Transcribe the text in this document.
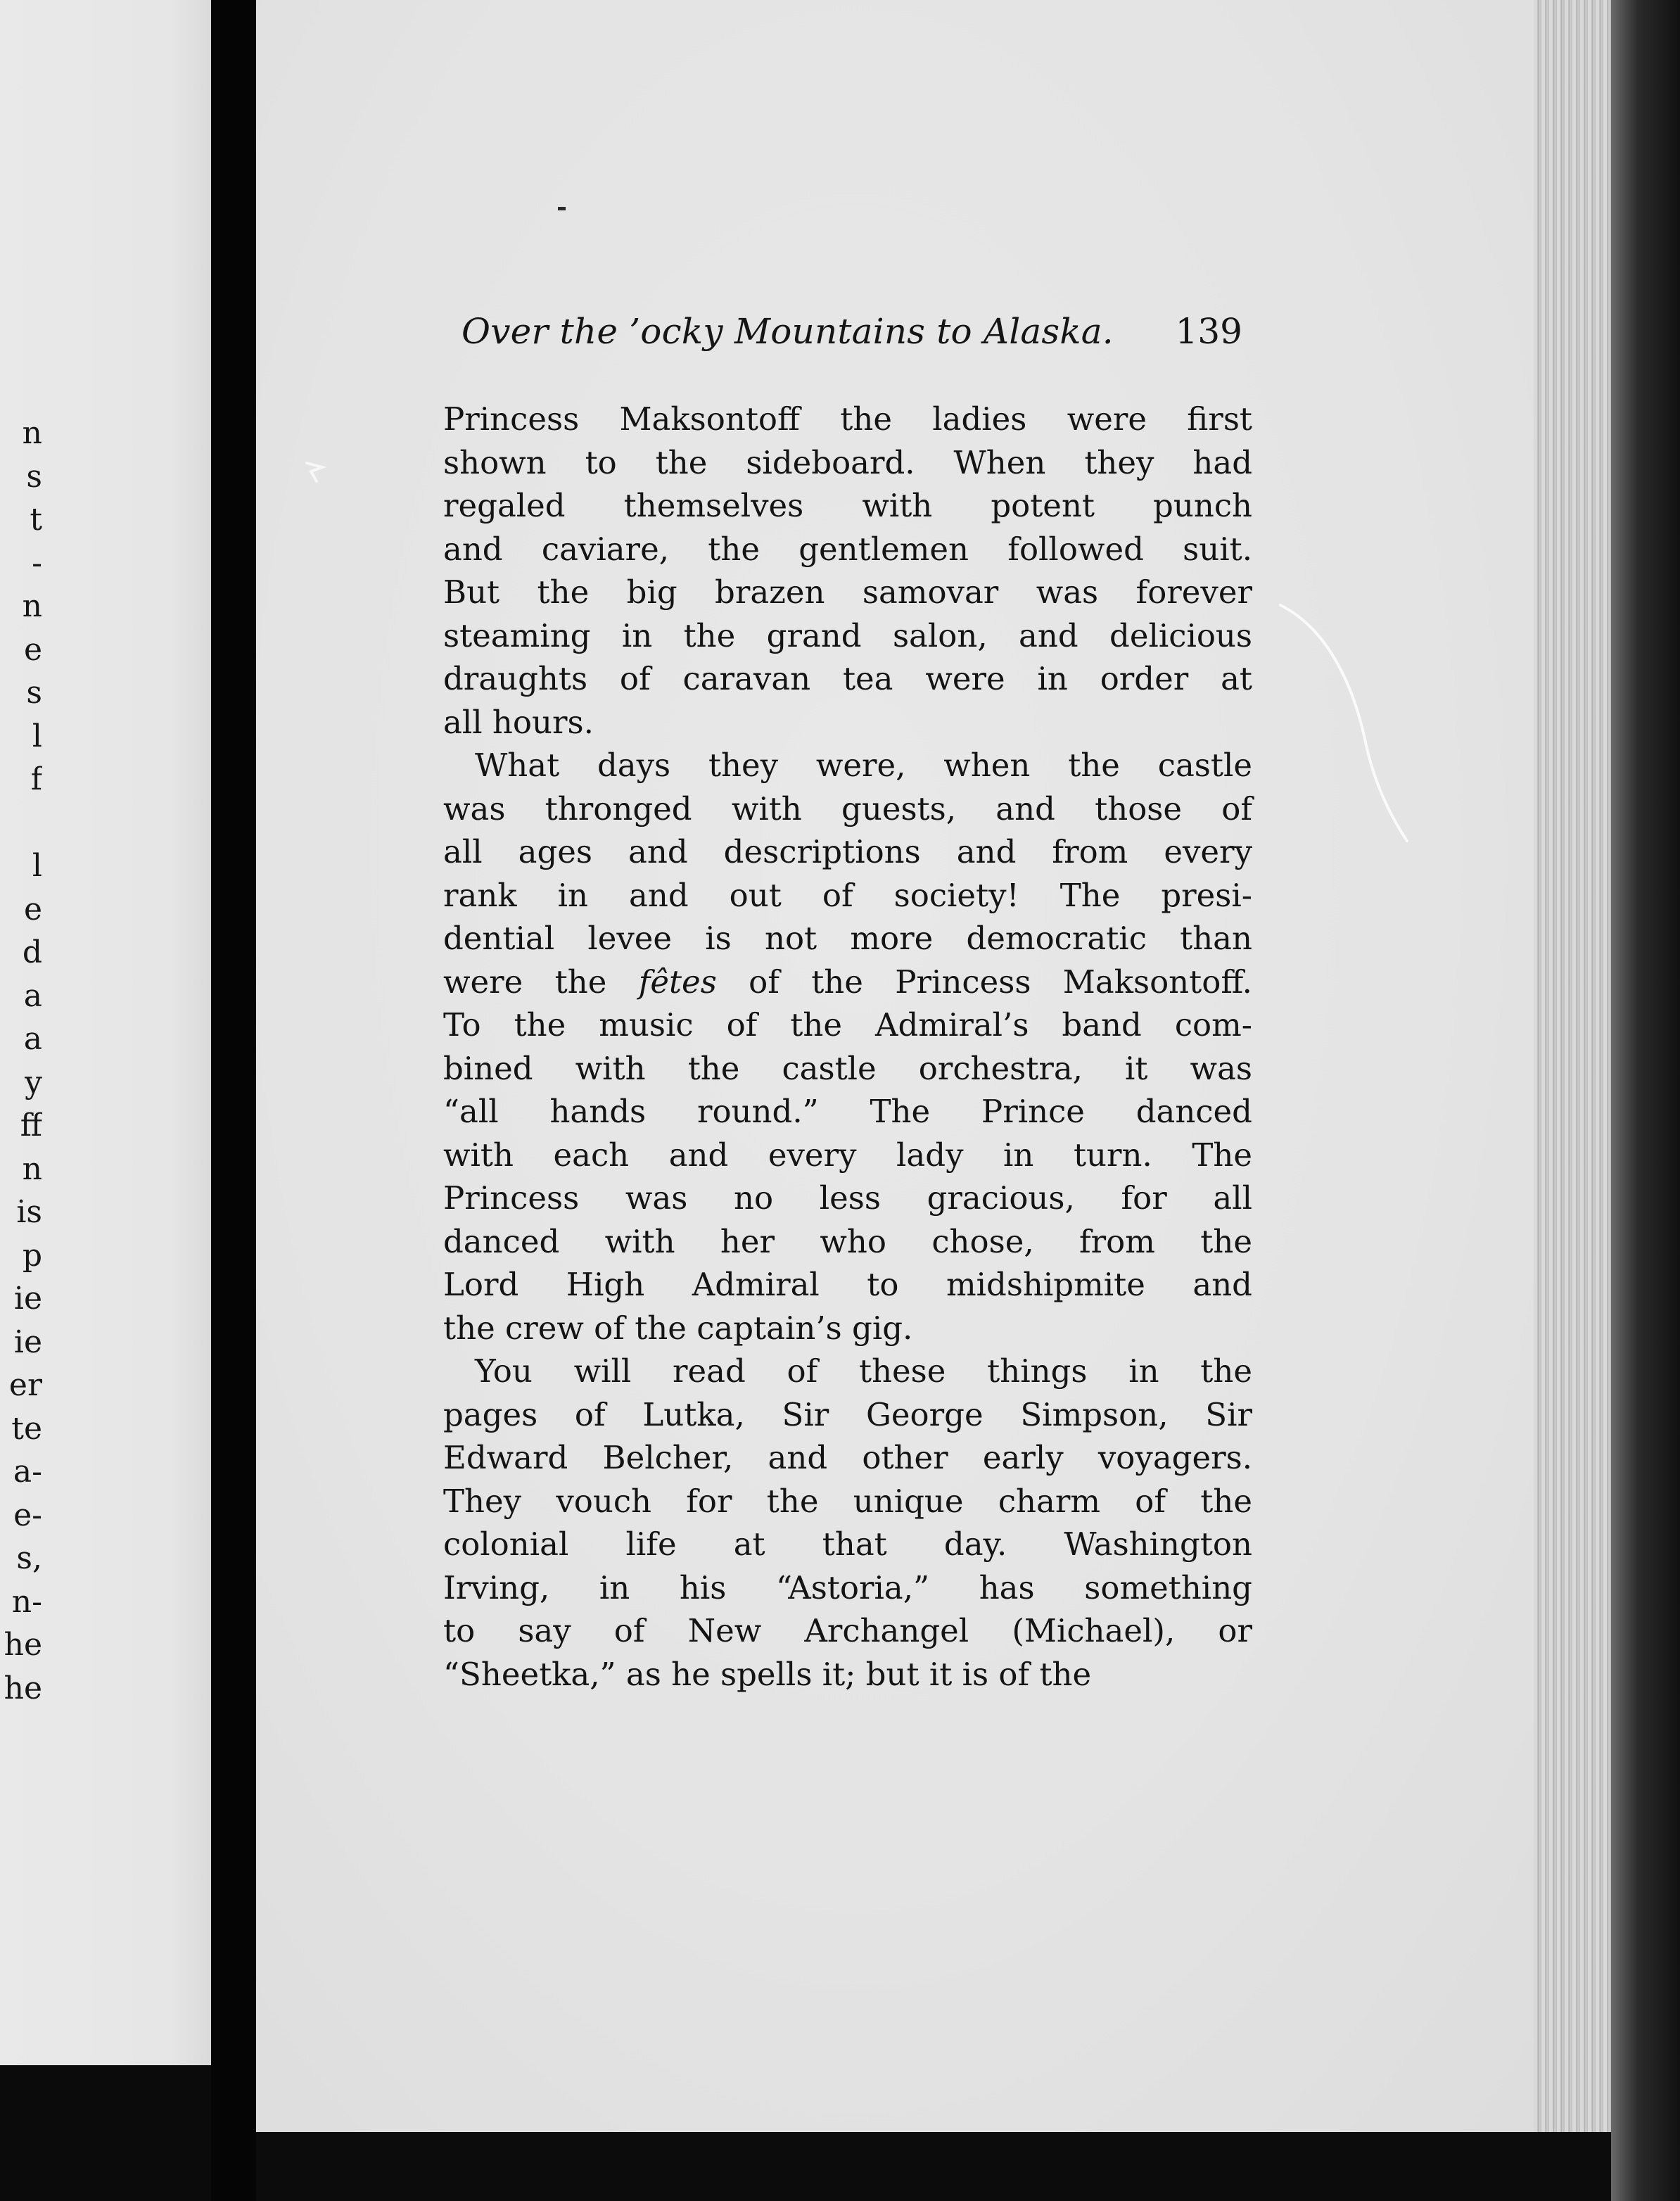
n
s
t
-
n
e
s
l
f
l
e
d
a
a
y
ff
n
is
p
ie
ie
er
te
a-
e-
s,
n-
he
he
Over the ’ocky Mountains to Alaska. 139
Princess Maksontoff the ladies were first
shown to the sideboard. When they had
regaled themselves with potent punch
and caviare, the gentlemen followed suit.
But the big brazen samovar was forever
steaming in the grand salon, and delicious
draughts of caravan tea were in order at
all hours.
 What days they were, when the castle
was thronged with guests, and those of
all ages and descriptions and from every
rank in and out of society! The presi-
dential levee is not more democratic than
were the fêtes of the Princess Maksontoff.
To the music of the Admiral’s band com-
bined with the castle orchestra, it was
“all hands round.” The Prince danced
with each and every lady in turn. The
Princess was no less gracious, for all
danced with her who chose, from the
Lord High Admiral to midshipmite and
the crew of the captain’s gig.
 You will read of these things in the
pages of Lutka, Sir George Simpson, Sir
Edward Belcher, and other early voyagers.
They vouch for the unique charm of the
colonial life at that day. Washington
Irving, in his “Astoria,” has something
to say of New Archangel (Michael), or
“Sheetka,” as he spells it; but it is of the
